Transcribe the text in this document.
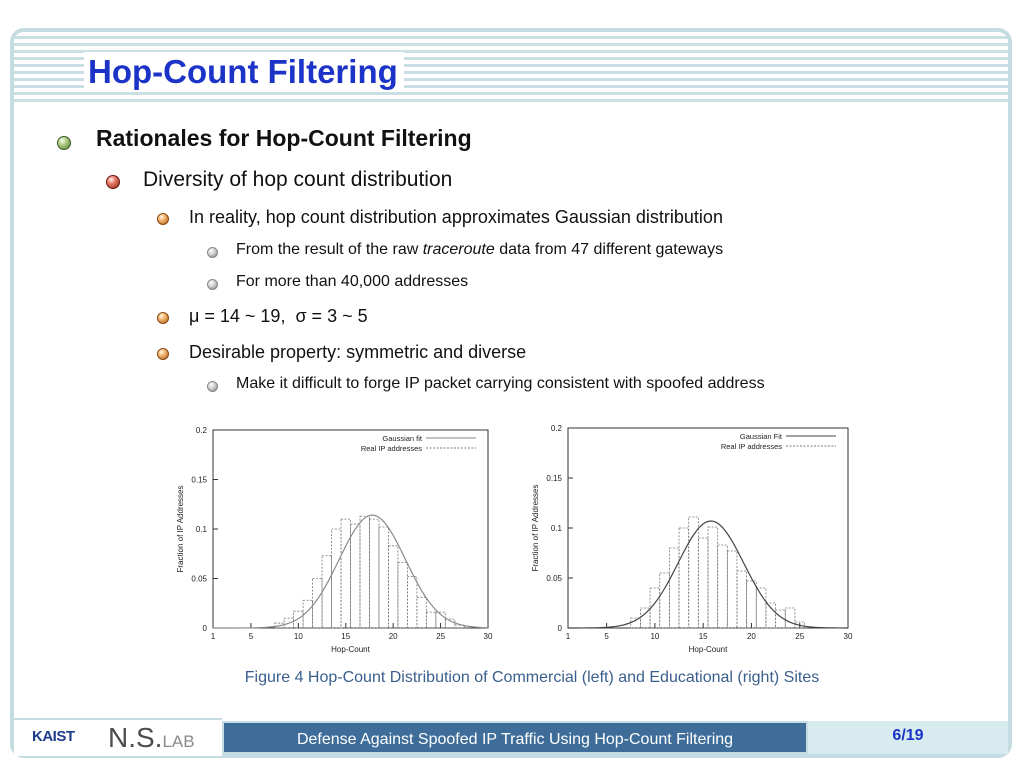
Hop-Count Filtering
Rationales for Hop-Count Filtering
Diversity of hop count distribution
In reality, hop count distribution approximates Gaussian distribution
From the result of the raw traceroute data from 47 different gateways
For more than 40,000 addresses
μ = 14 ~ 19,  σ = 3 ~ 5
Desirable property: symmetric and diverse
Make it difficult to forge IP packet carrying consistent with spoofed address
0
0.05
0.1
0.15
0.2
1	5	10	15	20	25	30
Gaussian fit
Real IP addresses
Hop-Count
Fraction of IP Addresses
0
0.05
0.1
0.15
0.2
1	5	10	15	20	25	30
Gaussian Fit
Real IP addresses
Hop-Count
Fraction of IP Addresses

Figure 4 Hop-Count Distribution of Commercial (left) and Educational (right) Sites

KAIST N.S.LAB	Defense Against Spoofed IP Traffic Using Hop-Count Filtering	6/19
